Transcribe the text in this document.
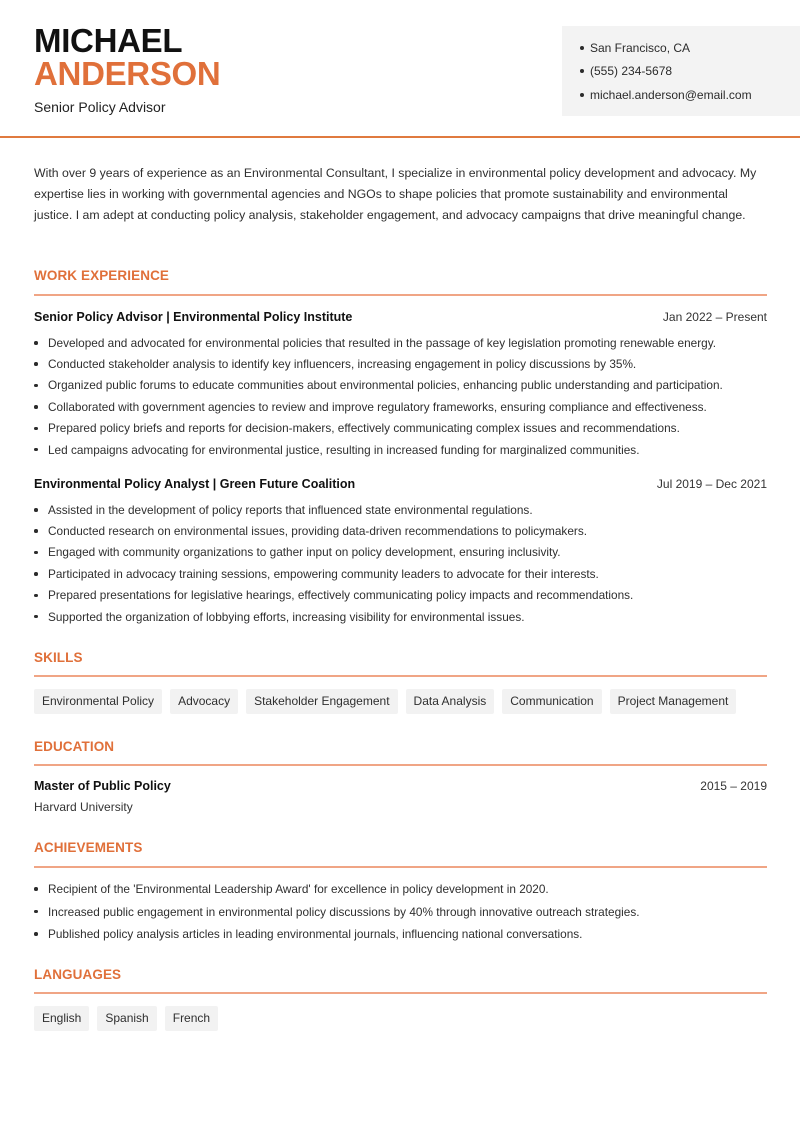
MICHAEL
ANDERSON
Senior Policy Advisor
San Francisco, CA
(555) 234-5678
michael.anderson@email.com

With over 9 years of experience as an Environmental Consultant, I specialize in environmental policy development and advocacy. My expertise lies in working with governmental agencies and NGOs to shape policies that promote sustainability and environmental justice. I am adept at conducting policy analysis, stakeholder engagement, and advocacy campaigns that drive meaningful change.

WORK EXPERIENCE
Senior Policy Advisor | Environmental Policy Institute	Jan 2022 – Present
Developed and advocated for environmental policies that resulted in the passage of key legislation promoting renewable energy.
Conducted stakeholder analysis to identify key influencers, increasing engagement in policy discussions by 35%.
Organized public forums to educate communities about environmental policies, enhancing public understanding and participation.
Collaborated with government agencies to review and improve regulatory frameworks, ensuring compliance and effectiveness.
Prepared policy briefs and reports for decision-makers, effectively communicating complex issues and recommendations.
Led campaigns advocating for environmental justice, resulting in increased funding for marginalized communities.
Environmental Policy Analyst | Green Future Coalition	Jul 2019 – Dec 2021
Assisted in the development of policy reports that influenced state environmental regulations.
Conducted research on environmental issues, providing data-driven recommendations to policymakers.
Engaged with community organizations to gather input on policy development, ensuring inclusivity.
Participated in advocacy training sessions, empowering community leaders to advocate for their interests.
Prepared presentations for legislative hearings, effectively communicating policy impacts and recommendations.
Supported the organization of lobbying efforts, increasing visibility for environmental issues.
SKILLS
Environmental Policy	Advocacy	Stakeholder Engagement	Data Analysis	Communication	Project Management
EDUCATION
Master of Public Policy	2015 – 2019
Harvard University
ACHIEVEMENTS
Recipient of the 'Environmental Leadership Award' for excellence in policy development in 2020.
Increased public engagement in environmental policy discussions by 40% through innovative outreach strategies.
Published policy analysis articles in leading environmental journals, influencing national conversations.
LANGUAGES
English	Spanish	French
